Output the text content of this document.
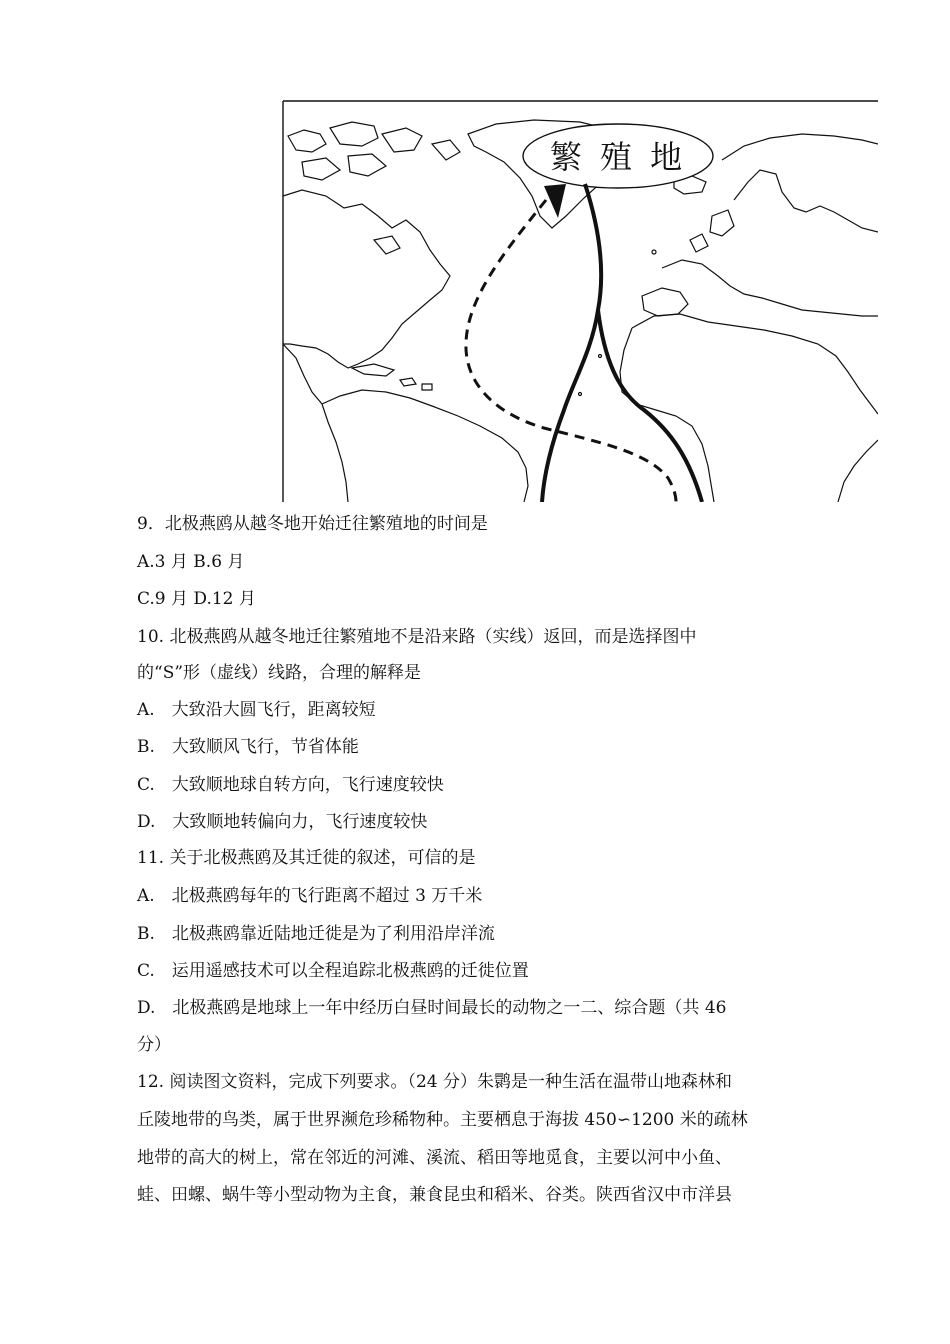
繁 殖 地
9．北极燕鸥从越冬地开始迁往繁殖地的时间是
A.3 月 B.6 月
C.9 月 D.12 月
10. 北极燕鸥从越冬地迁往繁殖地不是沿来路（实线）返回，而是选择图中
的“S”形（虚线）线路，合理的解释是
A.　大致沿大圆飞行，距离较短
B.　大致顺风飞行，节省体能
C.　大致顺地球自转方向，飞行速度较快
D.　大致顺地转偏向力，飞行速度较快
11. 关于北极燕鸥及其迁徙的叙述，可信的是
A.　北极燕鸥每年的飞行距离不超过 3 万千米
B.　北极燕鸥靠近陆地迁徙是为了利用沿岸洋流
C.　运用遥感技术可以全程追踪北极燕鸥的迁徙位置
D.　北极燕鸥是地球上一年中经历白昼时间最长的动物之一二、综合题（共 46
分）
12. 阅读图文资料，完成下列要求。（24 分）朱鹮是一种生活在温带山地森林和
丘陵地带的鸟类，属于世界濒危珍稀物种。主要栖息于海拔 450∽1200 米的疏林
地带的高大的树上，常在邻近的河滩、溪流、稻田等地觅食，主要以河中小鱼、
蛙、田螺、蜗牛等小型动物为主食，兼食昆虫和稻米、谷类。陕西省汉中市洋县
